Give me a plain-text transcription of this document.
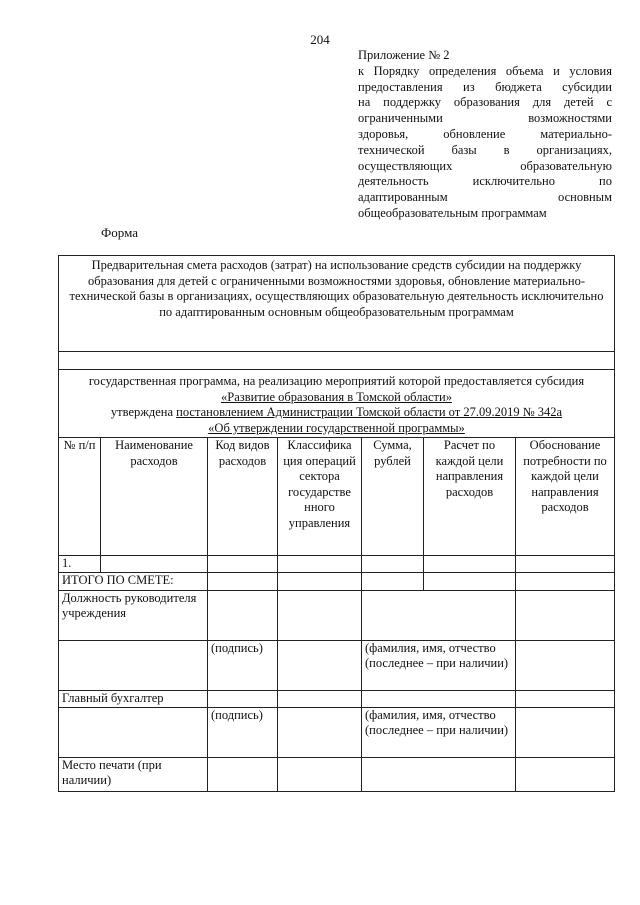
204
Приложение № 2
к Порядку определения объема и условия
предоставления из бюджета субсидии
на поддержку образования для детей с
ограниченными возможностями
здоровья, обновление материально-
технической базы в организациях,
осуществляющих образовательную
деятельность исключительно по
адаптированным основным
общеобразовательным программам
Форма
Предварительная смета расходов (затрат) на использование средств субсидии на поддержку образования для детей с ограниченными возможностями здоровья, обновление материально-технической базы в организациях, осуществляющих образовательную деятельность исключительно по адаптированным основным общеобразовательным программам						

государственная программа, на реализацию мероприятий которой предоставляется субсидия «Развитие образования в Томской области»
утверждена постановлением Администрации Томской области от 27.09.2019 № 342а
«Об утверждении государственной программы»						
№ п/п	Наименование расходов	Код видов расходов	Классифика ция операций сектора государстве нного управления	Сумма, рублей	Расчет по каждой цели направления расходов	Обоснование потребности по каждой цели направления расходов
1.						
ИТОГО ПО СМЕТЕ:						
Должность руководителя учреждения						
		(подпись)		(фамилия, имя, отчество (последнее – при наличии)		
Главный бухгалтер						
		(подпись)		(фамилия, имя, отчество (последнее – при наличии)		
Место печати (при наличии)						
